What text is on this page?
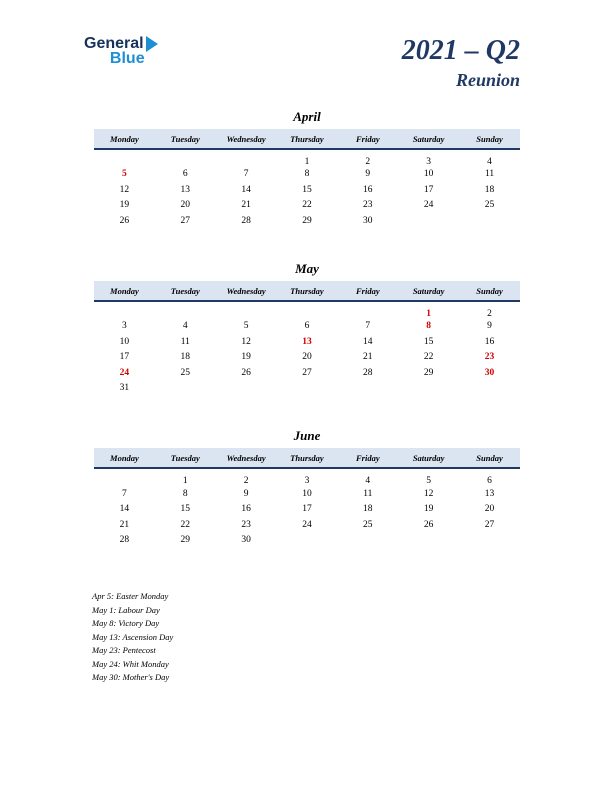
General
Blue	2021 – Q2
Reunion
April
Monday	Tuesday	Wednesday	Thursday	Friday	Saturday	Sunday
			1	2	3	4
5	6	7	8	9	10	11
12	13	14	15	16	17	18
19	20	21	22	23	24	25
26	27	28	29	30		
May
Monday	Tuesday	Wednesday	Thursday	Friday	Saturday	Sunday
					1	2
3	4	5	6	7	8	9
10	11	12	13	14	15	16
17	18	19	20	21	22	23
24	25	26	27	28	29	30
31						
June
Monday	Tuesday	Wednesday	Thursday	Friday	Saturday	Sunday
	1	2	3	4	5	6
7	8	9	10	11	12	13
14	15	16	17	18	19	20
21	22	23	24	25	26	27
28	29	30				
Apr 5: Easter Monday
May 1: Labour Day
May 8: Victory Day
May 13: Ascension Day
May 23: Pentecost
May 24: Whit Monday
May 30: Mother's Day
